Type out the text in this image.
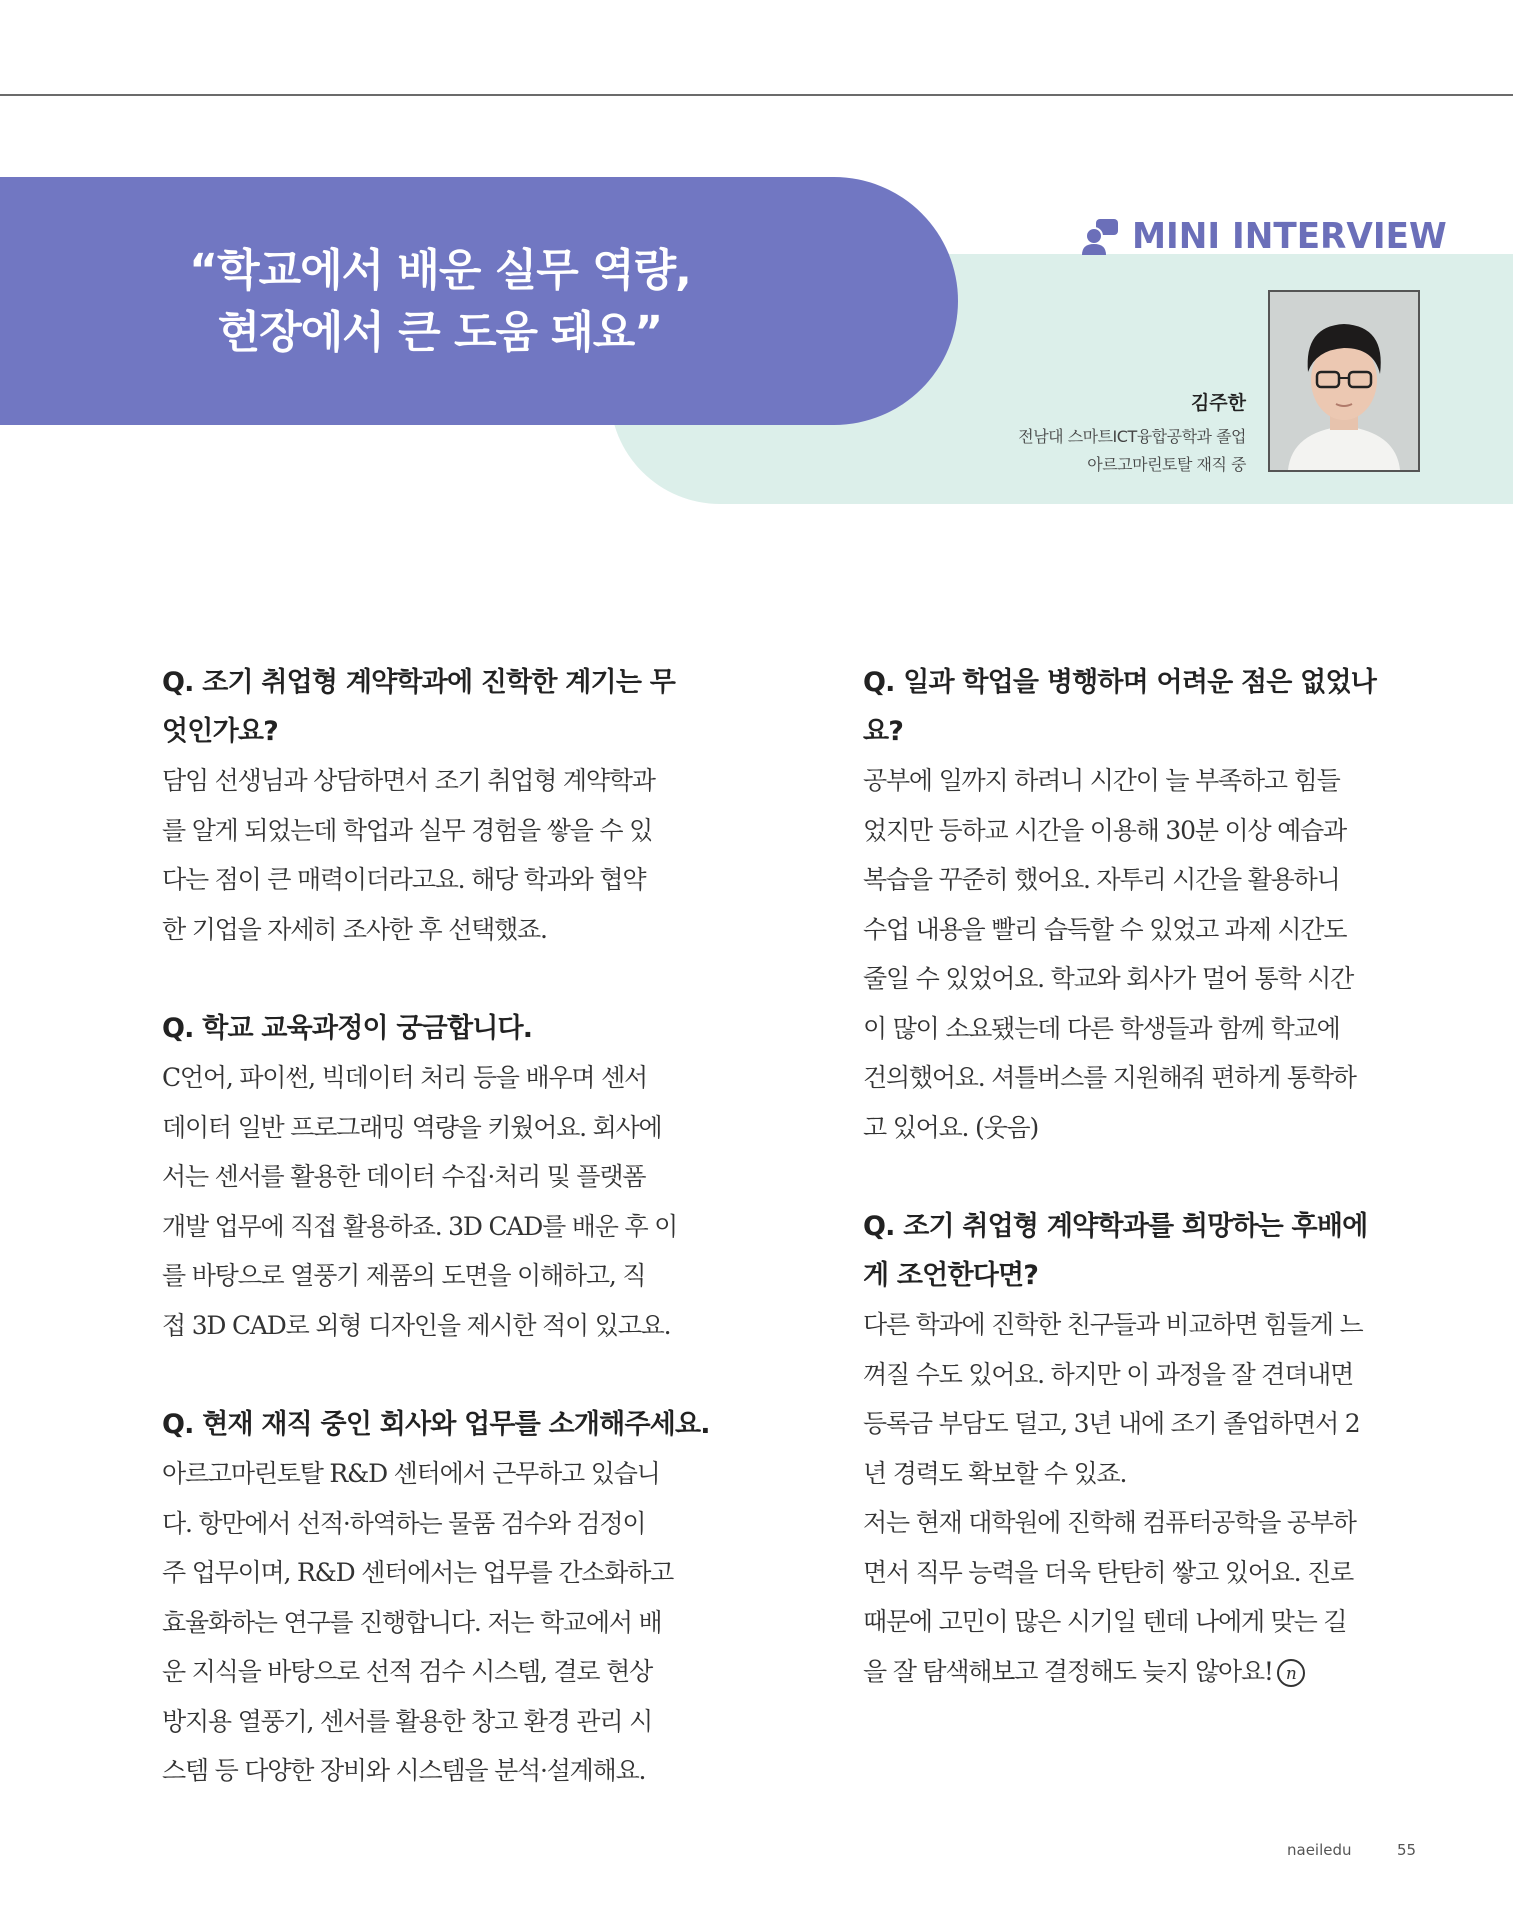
“학교에서 배운 실무 역량,
현장에서 큰 도움 돼요”
MINI INTERVIEW
김주한
전남대 스마트ICT융합공학과 졸업
아르고마린토탈 재직 중
Q. 조기 취업형 계약학과에 진학한 계기는 무
엇인가요?
담임 선생님과 상담하면서 조기 취업형 계약학과
를 알게 되었는데 학업과 실무 경험을 쌓을 수 있
다는 점이 큰 매력이더라고요. 해당 학과와 협약
한 기업을 자세히 조사한 후 선택했죠.
Q. 학교 교육과정이 궁금합니다.
C언어, 파이썬, 빅데이터 처리 등을 배우며 센서
데이터 일반 프로그래밍 역량을 키웠어요. 회사에
서는 센서를 활용한 데이터 수집·처리 및 플랫폼
개발 업무에 직접 활용하죠. 3D CAD를 배운 후 이
를 바탕으로 열풍기 제품의 도면을 이해하고, 직
접 3D CAD로 외형 디자인을 제시한 적이 있고요.
Q. 현재 재직 중인 회사와 업무를 소개해주세요.
아르고마린토탈 R&D 센터에서 근무하고 있습니
다. 항만에서 선적·하역하는 물품 검수와 검정이
주 업무이며, R&D 센터에서는 업무를 간소화하고
효율화하는 연구를 진행합니다. 저는 학교에서 배
운 지식을 바탕으로 선적 검수 시스템, 결로 현상
방지용 열풍기, 센서를 활용한 창고 환경 관리 시
스템 등 다양한 장비와 시스템을 분석·설계해요.
Q. 일과 학업을 병행하며 어려운 점은 없었나
요?
공부에 일까지 하려니 시간이 늘 부족하고 힘들
었지만 등하교 시간을 이용해 30분 이상 예습과
복습을 꾸준히 했어요. 자투리 시간을 활용하니
수업 내용을 빨리 습득할 수 있었고 과제 시간도
줄일 수 있었어요. 학교와 회사가 멀어 통학 시간
이 많이 소요됐는데 다른 학생들과 함께 학교에
건의했어요. 셔틀버스를 지원해줘 편하게 통학하
고 있어요. (웃음)
Q. 조기 취업형 계약학과를 희망하는 후배에
게 조언한다면?
다른 학과에 진학한 친구들과 비교하면 힘들게 느
껴질 수도 있어요. 하지만 이 과정을 잘 견뎌내면
등록금 부담도 덜고, 3년 내에 조기 졸업하면서 2
년 경력도 확보할 수 있죠.
저는 현재 대학원에 진학해 컴퓨터공학을 공부하
면서 직무 능력을 더욱 탄탄히 쌓고 있어요. 진로
때문에 고민이 많은 시기일 텐데 나에게 맞는 길
을 잘 탐색해보고 결정해도 늦지 않아요! n
naeiledu	55
